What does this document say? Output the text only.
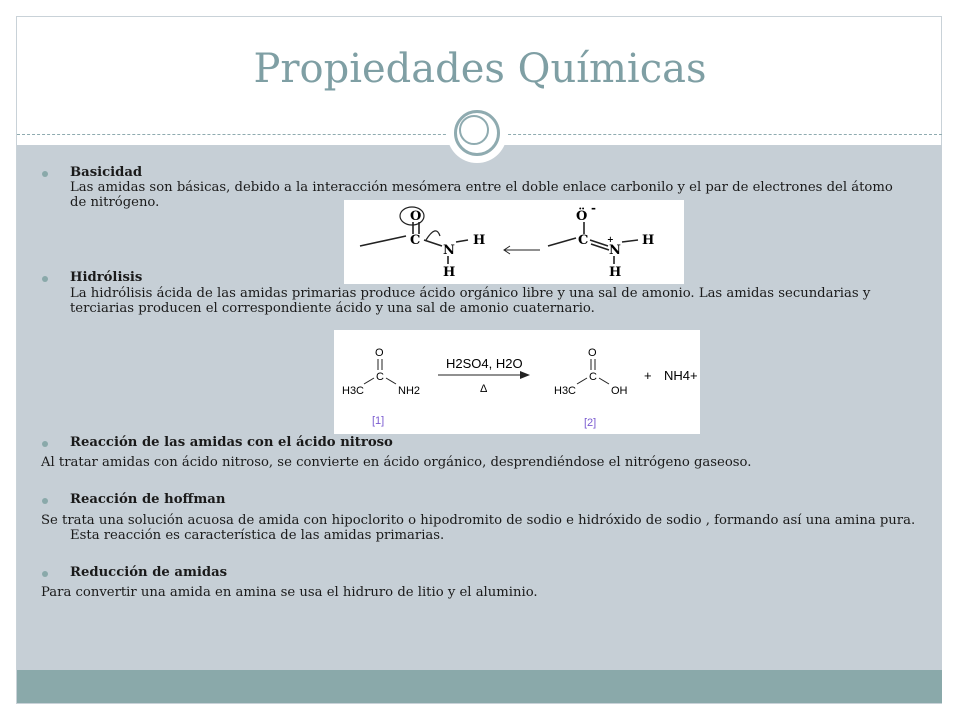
Propiedades Químicas
Basicidad
Las amidas son básicas, debido a la interacción mesómera entre el doble enlace carbonilo y el par de electrones del átomo de nitrógeno.
O
C
N
H
H
Ö
-
C +
N
H
H
Hidrólisis
La hidrólisis ácida de las amidas primarias produce ácido orgánico libre y una sal de amonio. Las amidas secundarias y terciarias producen el correspondiente ácido y una sal de amonio cuaternario.
O
C
H3C	NH2
[1]
H2SO4, H2O
Δ
O
C
H3C	OH
[2]
+ NH4+
Reacción de las amidas con el ácido nitroso
Al tratar amidas con ácido nitroso, se convierte en ácido orgánico, desprendiéndose el nitrógeno gaseoso.
Reacción de hoffman
Se trata una solución acuosa de amida con hipoclorito o hipodromito de sodio e hidróxido de sodio , formando así una amina pura. Esta reacción es característica de las amidas primarias.
Reducción de amidas
Para convertir una amida en amina se usa el hidruro de litio y el aluminio.
